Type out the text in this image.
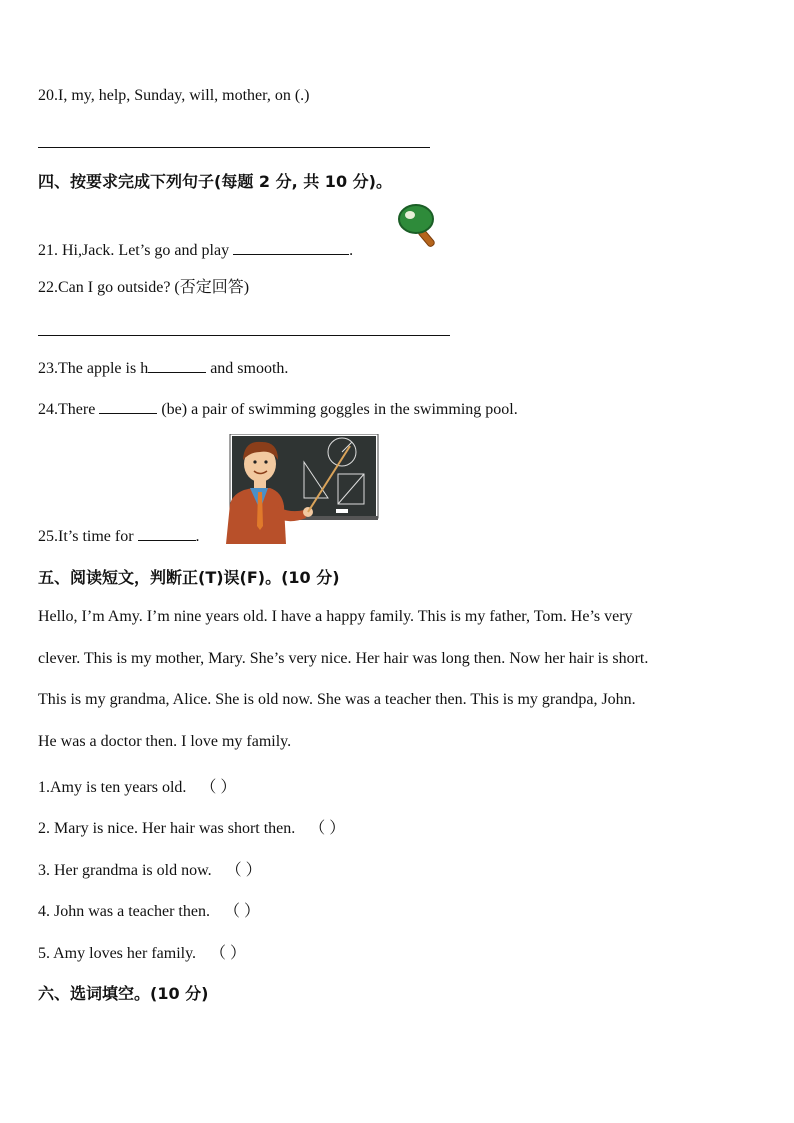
20.I, my, help, Sunday, will, mother, on (.)
四、按要求完成下列句子(每题 2 分, 共 10 分)。
21. Hi,Jack. Let’s go and play	.
22.Can I go outside? (否定回答)
23.The apple is h	and smooth.
24.There	(be) a pair of swimming goggles in the swimming pool.
25.It’s time for	.
五、阅读短文，判断正(T)误(F)。(10 分)
Hello, I’m Amy. I’m nine years old. I have a happy family. This is my father, Tom. He’s very
clever. This is my mother, Mary. She’s very nice. Her hair was long then. Now her hair is short.
This is my grandma, Alice. She is old now. She was a teacher then. This is my grandpa, John.
He was a doctor then. I love my family.
1.Amy is ten years old. （ ）
2. Mary is nice. Her hair was short then. （ ）
3. Her grandma is old now. （ ）
4. John was a teacher then. （ ）
5. Amy loves her family. （ ）
六、选词填空。(10 分)
